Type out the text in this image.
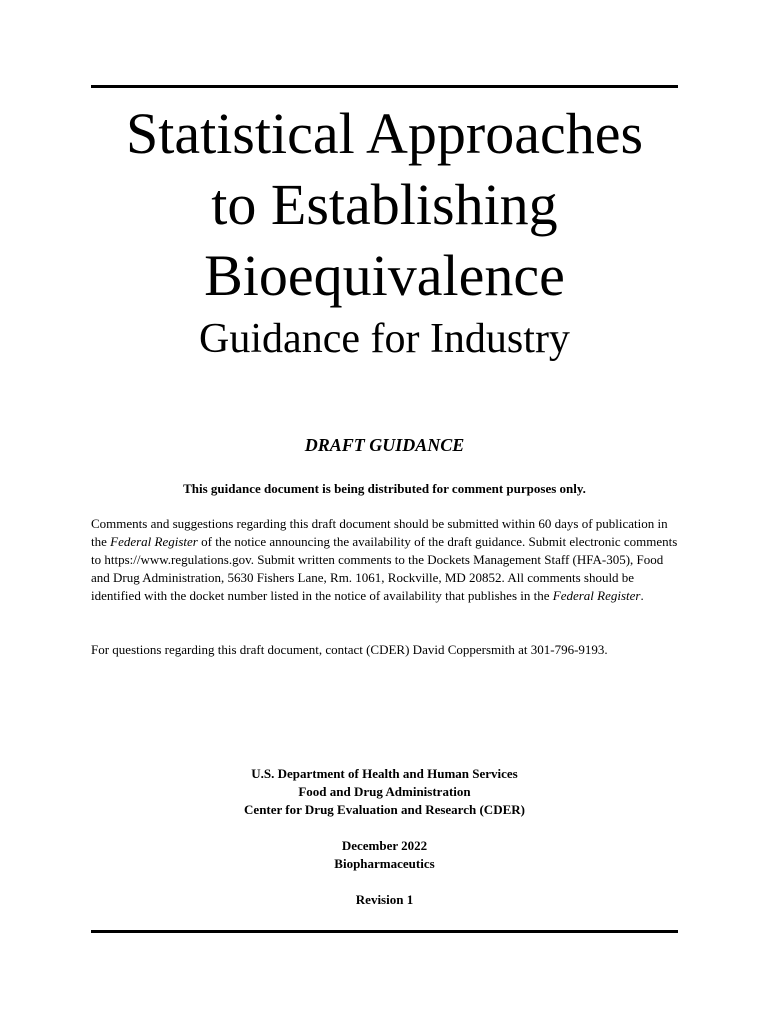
Statistical Approaches
to Establishing
Bioequivalence
Guidance for Industry
DRAFT GUIDANCE
This guidance document is being distributed for comment purposes only.

Comments and suggestions regarding this draft document should be submitted within 60 days of publication in the Federal Register of the notice announcing the availability of the draft guidance. Submit electronic comments to https://www.regulations.gov. Submit written comments to the Dockets Management Staff (HFA-305), Food and Drug Administration, 5630 Fishers Lane, Rm. 1061, Rockville, MD 20852. All comments should be identified with the docket number listed in the notice of availability that publishes in the Federal Register.

For questions regarding this draft document, contact (CDER) David Coppersmith at 301-796-9193.

U.S. Department of Health and Human Services
Food and Drug Administration
Center for Drug Evaluation and Research (CDER)
December 2022
Biopharmaceutics
Revision 1
